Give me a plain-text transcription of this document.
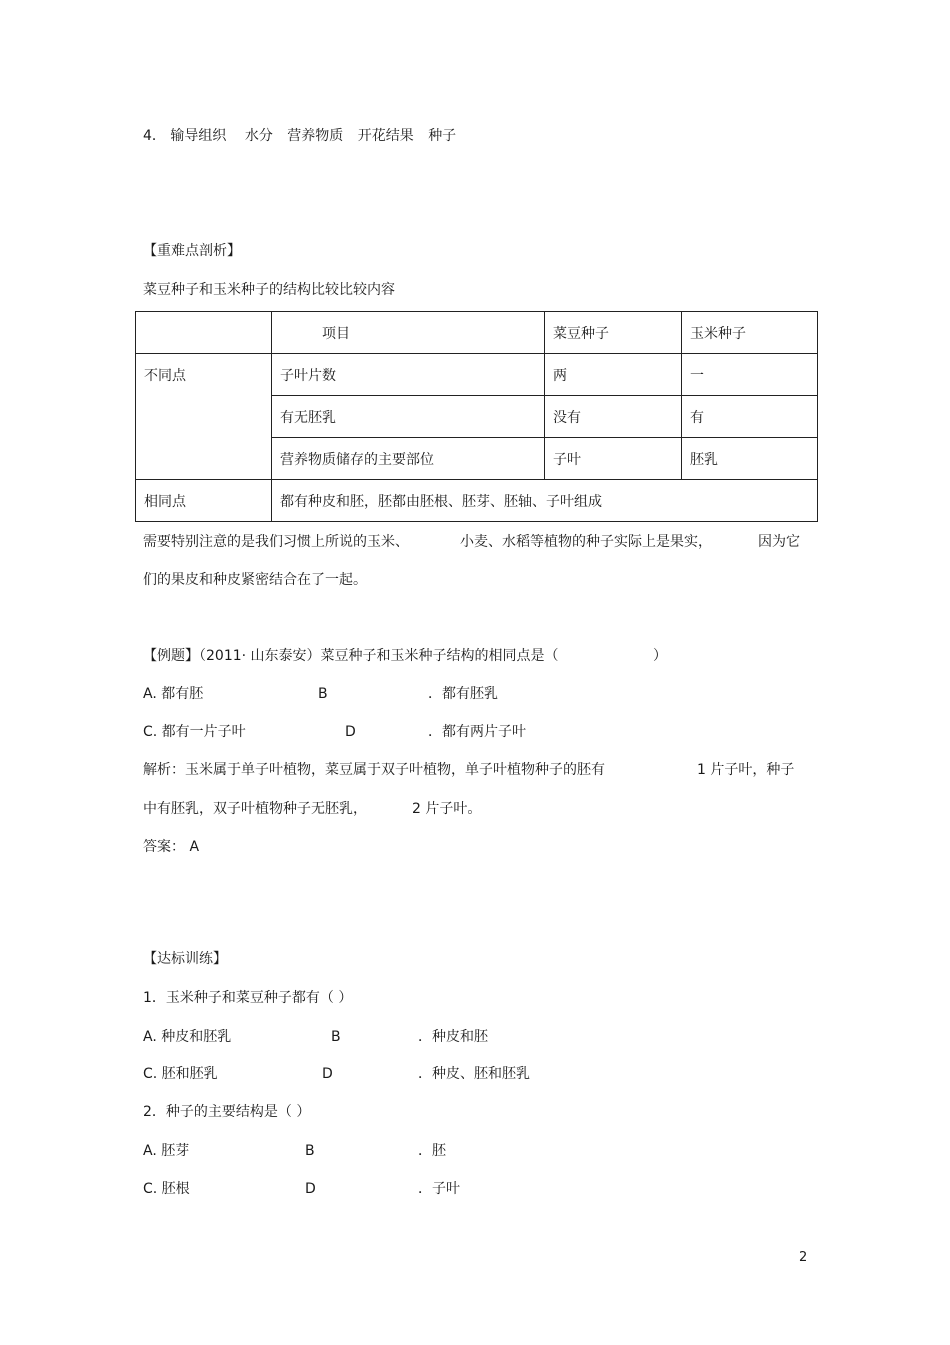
4． 输导组织 水分 营养物质 开花结果 种子
【重难点剖析】
菜豆种子和玉米种子的结构比较比较内容
	项目	菜豆种子	玉米种子
不同点	子叶片数	两	一
	有无胚乳	没有	有
	营养物质储存的主要部位	子叶	胚乳
相同点	都有种皮和胚，胚都由胚根、胚芽、胚轴、子叶组成		
需要特别注意的是我们习惯上所说的玉米、	小麦、水稻等植物的种子实际上是果实，	因为它
们的果皮和种皮紧密结合在了一起。
【例题】（2011· 山东泰安）菜豆种子和玉米种子结构的相同点是（	）
A. 都有胚	B	．都有胚乳
C. 都有一片子叶	D	．都有两片子叶
解析：玉米属于单子叶植物，菜豆属于双子叶植物，单子叶植物种子的胚有	1 片子叶，种子
中有胚乳，双子叶植物种子无胚乳，	2 片子叶。
答案： A
【达标训练】
1．玉米种子和菜豆种子都有（ ）
A. 种皮和胚乳	B	．种皮和胚
C. 胚和胚乳	D	．种皮、胚和胚乳
2．种子的主要结构是（ ）
A. 胚芽	B	．胚
C. 胚根	D	．子叶
2
